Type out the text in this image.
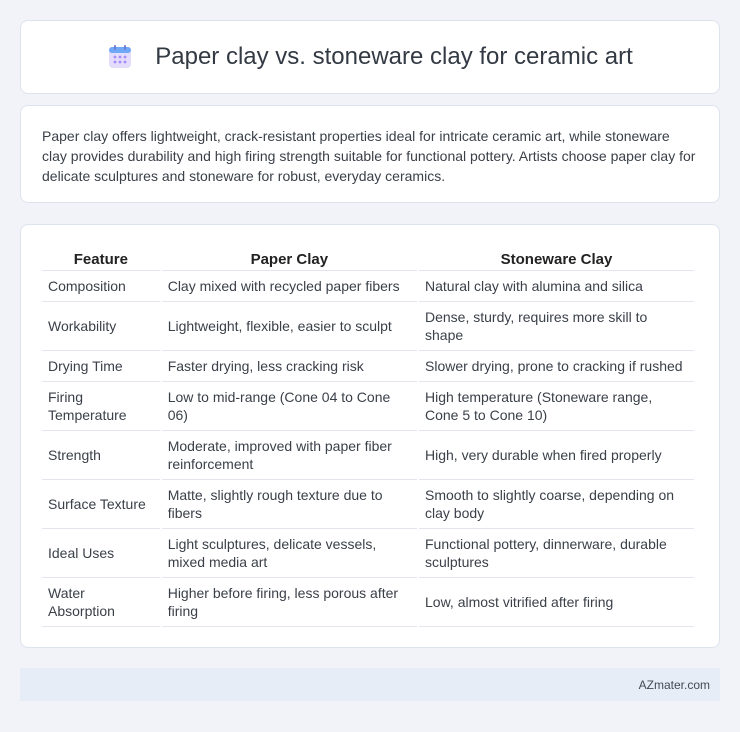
Paper clay vs. stoneware clay for ceramic art

Paper clay offers lightweight, crack-resistant properties ideal for intricate ceramic art, while stoneware clay provides durability and high firing strength suitable for functional pottery. Artists choose paper clay for delicate sculptures and stoneware for robust, everyday ceramics.

Feature	Paper Clay	Stoneware Clay
Composition	Clay mixed with recycled paper fibers	Natural clay with alumina and silica
Workability	Lightweight, flexible, easier to sculpt	Dense, sturdy, requires more skill to shape
Drying Time	Faster drying, less cracking risk	Slower drying, prone to cracking if rushed
Firing Temperature	Low to mid-range (Cone 04 to Cone 06)	High temperature (Stoneware range, Cone 5 to Cone 10)
Strength	Moderate, improved with paper fiber reinforcement	High, very durable when fired properly
Surface Texture	Matte, slightly rough texture due to fibers	Smooth to slightly coarse, depending on clay body
Ideal Uses	Light sculptures, delicate vessels, mixed media art	Functional pottery, dinnerware, durable sculptures
Water Absorption	Higher before firing, less porous after firing	Low, almost vitrified after firing
AZmater.com
